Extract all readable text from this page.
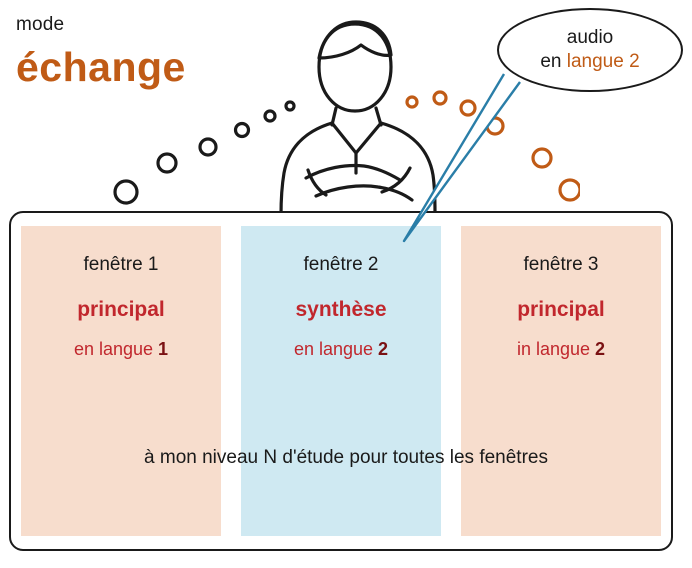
mode
échange
audio
en langue 2
fenêtre 1
principal
en langue 1
fenêtre 2
synthèse
en langue 2
fenêtre 3
principal
in langue 2
à mon niveau N d'étude pour toutes les fenêtres
